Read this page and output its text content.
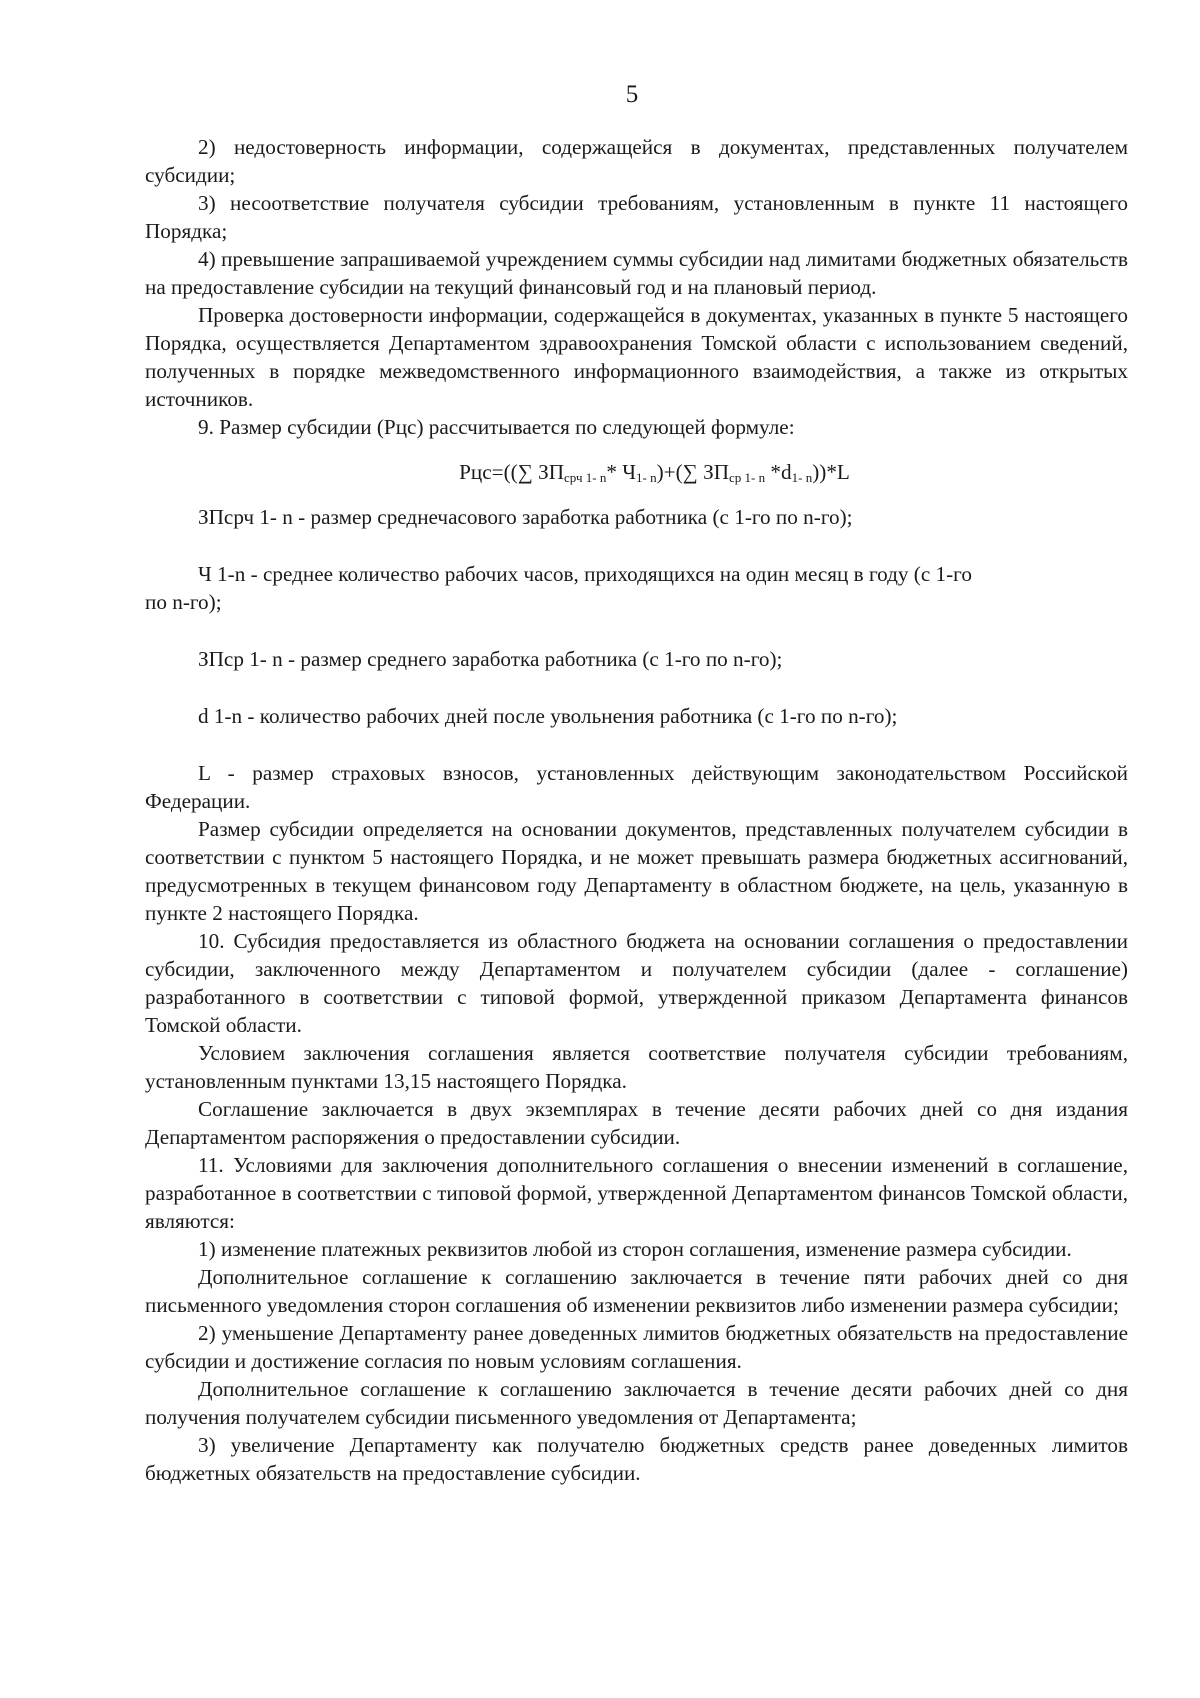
5

2) недостоверность информации, содержащейся в документах, представленных получателем субсидии;

3) несоответствие получателя субсидии требованиям, установленным в пункте 11 настоящего Порядка;

4) превышение запрашиваемой учреждением суммы субсидии над лимитами бюджетных обязательств на предоставление субсидии на текущий финансовый год и на плановый период.

Проверка достоверности информации, содержащейся в документах, указанных в пункте 5 настоящего Порядка, осуществляется Департаментом здравоохранения Томской области с использованием сведений, полученных в порядке межведомственного информационного взаимодействия, а также из открытых источников.

9. Размер субсидии (Рцс) рассчитывается по следующей формуле:

Рцс=((∑ $ЗП_{срч 1- n}*$ $Ч_{1- n})+(\sum$ $ЗП_{ср 1- n}$ $*d_{1- n}))*L$

ЗПсрч 1- n - размер среднечасового заработка работника (с 1-го по n-го);

Ч 1-n - среднее количество рабочих часов, приходящихся на один месяц в году (с 1-го по n-го);

ЗПср 1- n - размер среднего заработка работника (с 1-го по n-го);

d 1-n - количество рабочих дней после увольнения работника (с 1-го по n-го);

L - размер страховых взносов, установленных действующим законодательством Российской Федерации.

Размер субсидии определяется на основании документов, представленных получателем субсидии в соответствии с пунктом 5 настоящего Порядка, и не может превышать размера бюджетных ассигнований, предусмотренных в текущем финансовом году Департаменту в областном бюджете, на цель, указанную в пункте 2 настоящего Порядка.

10. Субсидия предоставляется из областного бюджета на основании соглашения о предоставлении субсидии, заключенного между Департаментом и получателем субсидии (далее - соглашение) разработанного в соответствии с типовой формой, утвержденной приказом Департамента финансов Томской области.

Условием заключения соглашения является соответствие получателя субсидии требованиям, установленным пунктами 13,15 настоящего Порядка.

Соглашение заключается в двух экземплярах в течение десяти рабочих дней со дня издания Департаментом распоряжения о предоставлении субсидии.

11. Условиями для заключения дополнительного соглашения о внесении изменений в соглашение, разработанное в соответствии с типовой формой, утвержденной Департаментом финансов Томской области, являются:

1) изменение платежных реквизитов любой из сторон соглашения, изменение размера субсидии.

Дополнительное соглашение к соглашению заключается в течение пяти рабочих дней со дня письменного уведомления сторон соглашения об изменении реквизитов либо изменении размера субсидии;

2) уменьшение Департаменту ранее доведенных лимитов бюджетных обязательств на предоставление субсидии и достижение согласия по новым условиям соглашения.

Дополнительное соглашение к соглашению заключается в течение десяти рабочих дней со дня получения получателем субсидии письменного уведомления от Департамента;

3) увеличение Департаменту как получателю бюджетных средств ранее доведенных лимитов бюджетных обязательств на предоставление субсидии.
